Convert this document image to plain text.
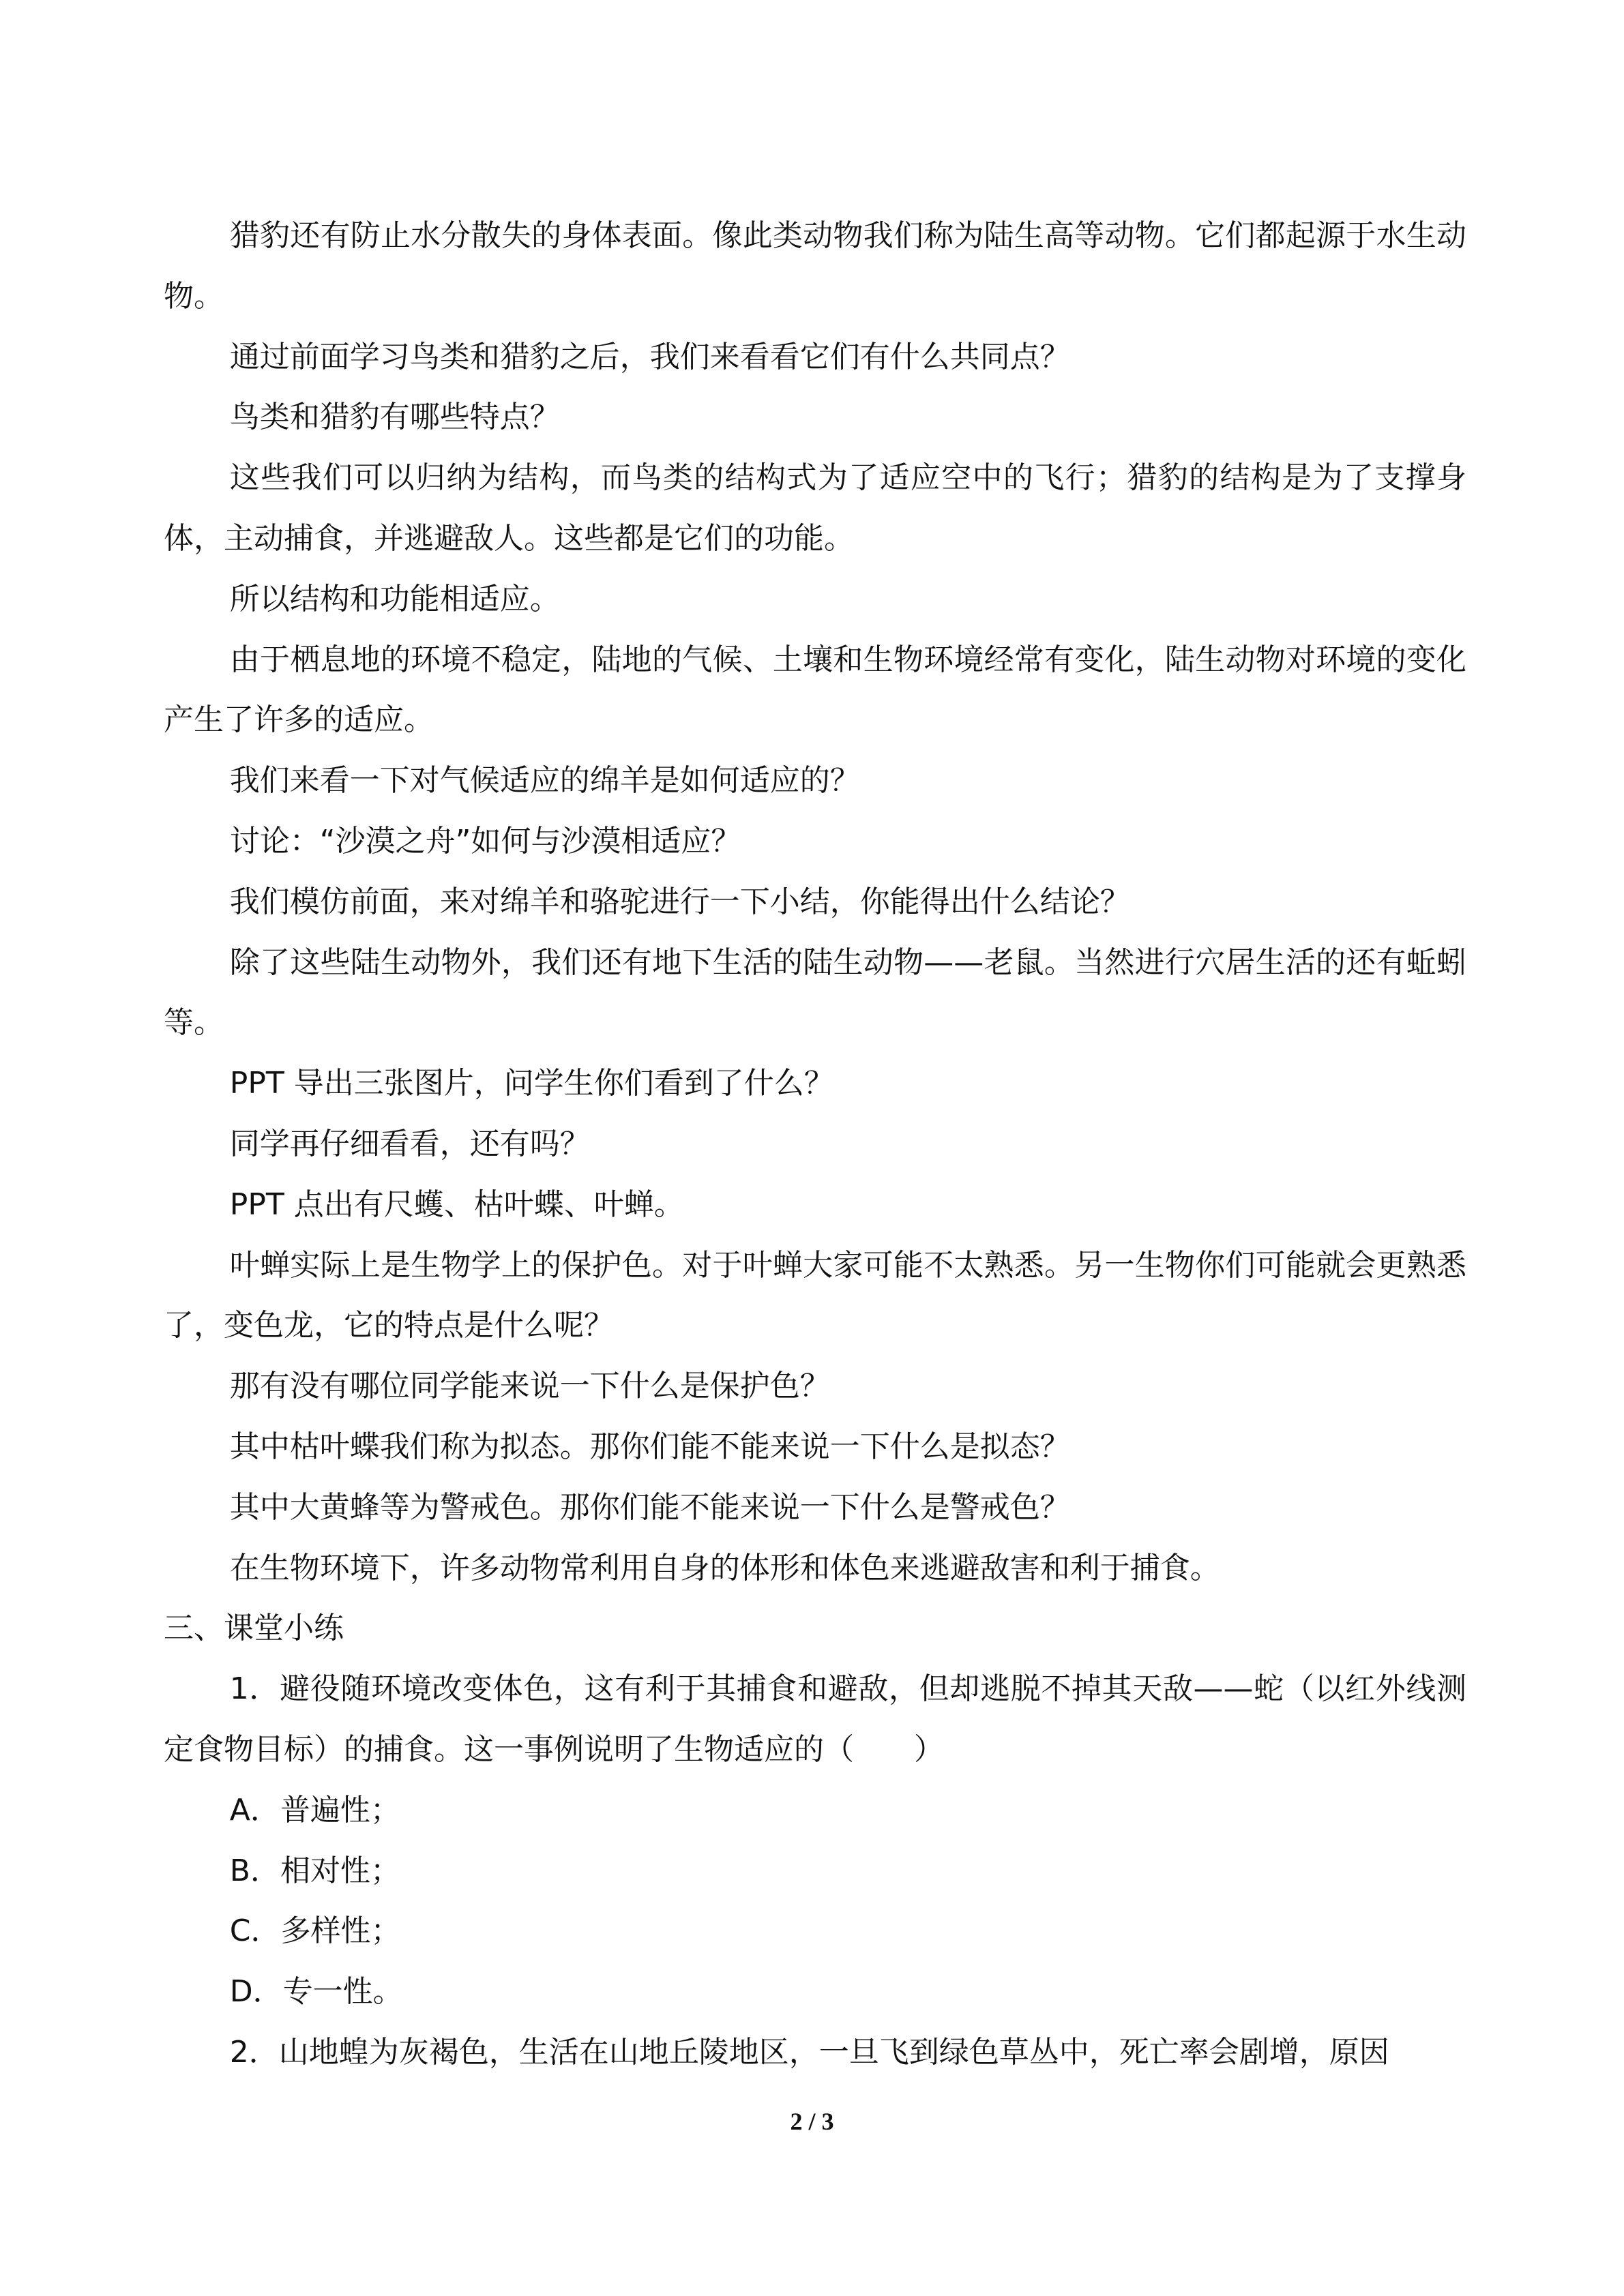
猎豹还有防止水分散失的身体表面。像此类动物我们称为陆生高等动物。它们都起源于水生动物。

通过前面学习鸟类和猎豹之后，我们来看看它们有什么共同点？

鸟类和猎豹有哪些特点？

这些我们可以归纳为结构，而鸟类的结构式为了适应空中的飞行；猎豹的结构是为了支撑身体，主动捕食，并逃避敌人。这些都是它们的功能。

所以结构和功能相适应。

由于栖息地的环境不稳定，陆地的气候、土壤和生物环境经常有变化，陆生动物对环境的变化产生了许多的适应。

我们来看一下对气候适应的绵羊是如何适应的？

讨论：“沙漠之舟”如何与沙漠相适应？

我们模仿前面，来对绵羊和骆驼进行一下小结，你能得出什么结论？

除了这些陆生动物外，我们还有地下生活的陆生动物——老鼠。当然进行穴居生活的还有蚯蚓等。

PPT 导出三张图片，问学生你们看到了什么？

同学再仔细看看，还有吗？

PPT 点出有尺蠖、枯叶蝶、叶蝉。

叶蝉实际上是生物学上的保护色。对于叶蝉大家可能不太熟悉。另一生物你们可能就会更熟悉了，变色龙，它的特点是什么呢？

那有没有哪位同学能来说一下什么是保护色？

其中枯叶蝶我们称为拟态。那你们能不能来说一下什么是拟态？

其中大黄蜂等为警戒色。那你们能不能来说一下什么是警戒色？

在生物环境下，许多动物常利用自身的体形和体色来逃避敌害和利于捕食。

三、课堂小练

1．避役随环境改变体色，这有利于其捕食和避敌，但却逃脱不掉其天敌——蛇（以红外线测定食物目标）的捕食。这一事例说明了生物适应的（　　）

A．普遍性；

B．相对性；

C．多样性；

D．专一性。

2．山地蝗为灰褐色，生活在山地丘陵地区，一旦飞到绿色草丛中，死亡率会剧增，原因

2 / 3
